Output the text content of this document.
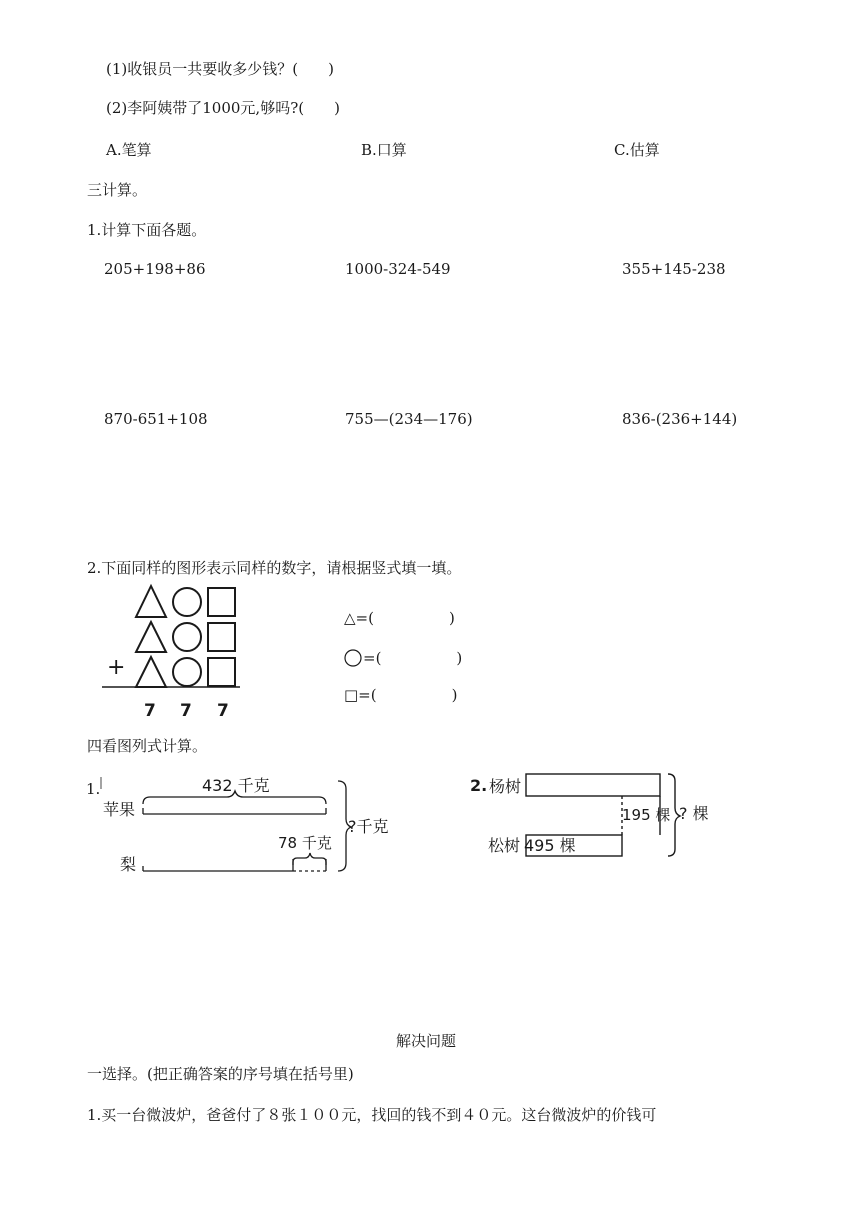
(1)收银员一共要收多少钱？(　　)
(2)李阿姨带了1000元,够吗?(　　)
A.笔算	B.口算	C.估算
三计算。
1.计算下面各题。
205+198+86	1000-324-549	355+145-238
870-651+108	755—(234—176)	836-(236+144)
2.下面同样的图形表示同样的数字，请根据竖式填一填。
+
7 7 7
△=(　　　　　)
=(　　　　　)
□=(　　　　　)
四看图列式计算。
1.
苹果
梨
432 千克
78 千克
?千克
2. 杨树
松树 495 棵
195 棵 ? 棵
解决问题
一选择。(把正确答案的序号填在括号里)
1.买一台微波炉，爸爸付了８张１００元，找回的钱不到４０元。这台微波炉的价钱可
